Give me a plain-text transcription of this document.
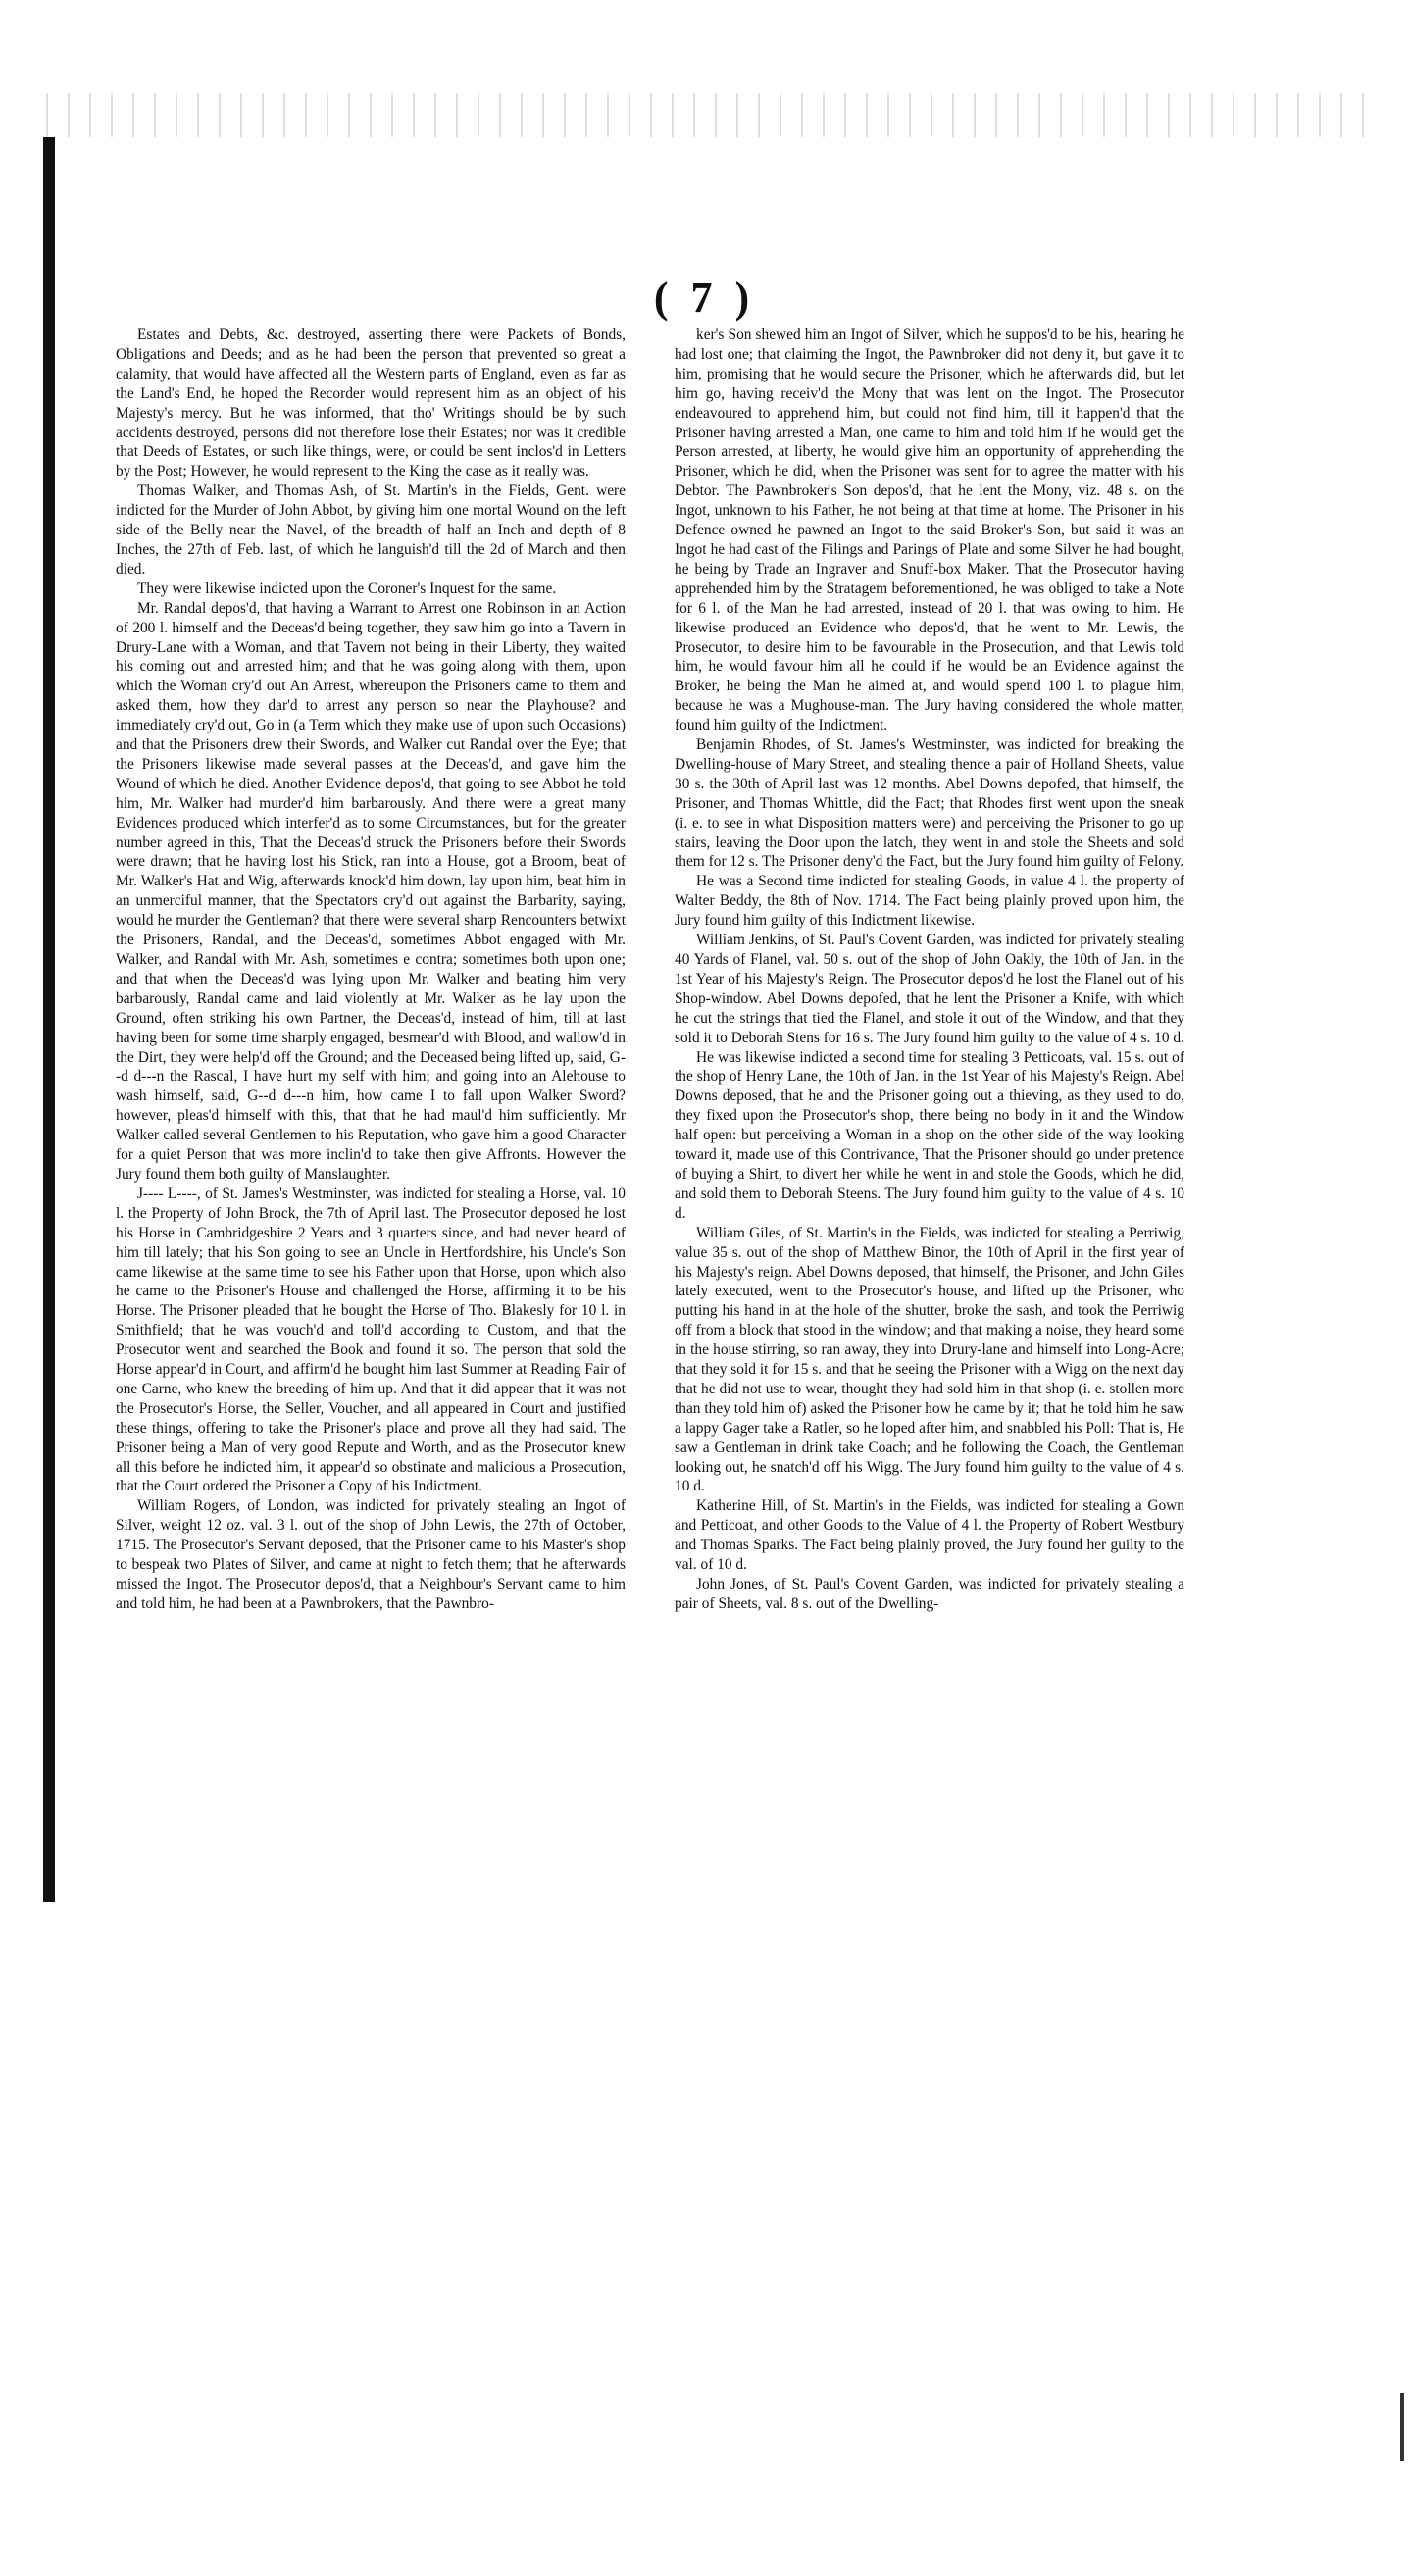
( 7 )

Estates and Debts, &c. destroyed, asserting there were Packets of Bonds, Obligations and Deeds; and as he had been the person that prevented so great a calamity, that would have affected all the Western parts of England, even as far as the Land's End, he hoped the Recorder would represent him as an object of his Majesty's mercy. But he was informed, that tho' Writings should be by such accidents destroyed, persons did not therefore lose their Estates; nor was it credible that Deeds of Estates, or such like things, were, or could be sent inclos'd in Letters by the Post; However, he would represent to the King the case as it really was.

Thomas Walker, and Thomas Ash, of St. Martin's in the Fields, Gent. were indicted for the Murder of John Abbot, by giving him one mortal Wound on the left side of the Belly near the Navel, of the breadth of half an Inch and depth of 8 Inches, the 27th of Feb. last, of which he languish'd till the 2d of March and then died.

They were likewise indicted upon the Coroner's Inquest for the same.

Mr. Randal depos'd, that having a Warrant to Arrest one Robinson in an Action of 200 l. himself and the Deceas'd being together, they saw him go into a Tavern in Drury-Lane with a Woman, and that Tavern not being in their Liberty, they waited his coming out and arrested him; and that he was going along with them, upon which the Woman cry'd out An Arrest, whereupon the Prisoners came to them and asked them, how they dar'd to arrest any person so near the Playhouse? and immediately cry'd out, Go in (a Term which they make use of upon such Occasions) and that the Prisoners drew their Swords, and Walker cut Randal over the Eye; that the Prisoners likewise made several passes at the Deceas'd, and gave him the Wound of which he died. Another Evidence depos'd, that going to see Abbot he told him, Mr. Walker had murder'd him barbarously. And there were a great many Evidences produced which interfer'd as to some Circumstances, but for the greater number agreed in this, That the Deceas'd struck the Prisoners before their Swords were drawn; that he having lost his Stick, ran into a House, got a Broom, beat of Mr. Walker's Hat and Wig, afterwards knock'd him down, lay upon him, beat him in an unmerciful manner, that the Spectators cry'd out against the Barbarity, saying, would he murder the Gentleman? that there were several sharp Rencounters betwixt the Prisoners, Randal, and the Deceas'd, sometimes Abbot engaged with Mr. Walker, and Randal with Mr. Ash, sometimes e contra; sometimes both upon one; and that when the Deceas'd was lying upon Mr. Walker and beating him very barbarously, Randal came and laid violently at Mr. Walker as he lay upon the Ground, often striking his own Partner, the Deceas'd, instead of him, till at last having been for some time sharply engaged, besmear'd with Blood, and wallow'd in the Dirt, they were help'd off the Ground; and the Deceased being lifted up, said, G--d d---n the Rascal, I have hurt my self with him; and going into an Alehouse to wash himself, said, G--d d---n him, how came I to fall upon Walker Sword? however, pleas'd himself with this, that that he had maul'd him sufficiently. Mr Walker called several Gentlemen to his Reputation, who gave him a good Character for a quiet Person that was more inclin'd to take then give Affronts. However the Jury found them both guilty of Manslaughter.

J---- L----, of St. James's Westminster, was indicted for stealing a Horse, val. 10 l. the Property of John Brock, the 7th of April last. The Prosecutor deposed he lost his Horse in Cambridgeshire 2 Years and 3 quarters since, and had never heard of him till lately; that his Son going to see an Uncle in Hertfordshire, his Uncle's Son came likewise at the same time to see his Father upon that Horse, upon which also he came to the Prisoner's House and challenged the Horse, affirming it to be his Horse. The Prisoner pleaded that he bought the Horse of Tho. Blakesly for 10 l. in Smithfield; that he was vouch'd and toll'd according to Custom, and that the Prosecutor went and searched the Book and found it so. The person that sold the Horse appear'd in Court, and affirm'd he bought him last Summer at Reading Fair of one Carne, who knew the breeding of him up. And that it did appear that it was not the Prosecutor's Horse, the Seller, Voucher, and all appeared in Court and justified these things, offering to take the Prisoner's place and prove all they had said. The Prisoner being a Man of very good Repute and Worth, and as the Prosecutor knew all this before he indicted him, it appear'd so obstinate and malicious a Prosecution, that the Court ordered the Prisoner a Copy of his Indictment.

William Rogers, of London, was indicted for privately stealing an Ingot of Silver, weight 12 oz. val. 3 l. out of the shop of John Lewis, the 27th of October, 1715. The Prosecutor's Servant deposed, that the Prisoner came to his Master's shop to bespeak two Plates of Silver, and came at night to fetch them; that he afterwards missed the Ingot. The Prosecutor depos'd, that a Neighbour's Servant came to him and told him, he had been at a Pawnbrokers, that the Pawnbro-

ker's Son shewed him an Ingot of Silver, which he suppos'd to be his, hearing he had lost one; that claiming the Ingot, the Pawnbroker did not deny it, but gave it to him, promising that he would secure the Prisoner, which he afterwards did, but let him go, having receiv'd the Mony that was lent on the Ingot. The Prosecutor endeavoured to apprehend him, but could not find him, till it happen'd that the Prisoner having arrested a Man, one came to him and told him if he would get the Person arrested, at liberty, he would give him an opportunity of apprehending the Prisoner, which he did, when the Prisoner was sent for to agree the matter with his Debtor. The Pawnbroker's Son depos'd, that he lent the Mony, viz. 48 s. on the Ingot, unknown to his Father, he not being at that time at home. The Prisoner in his Defence owned he pawned an Ingot to the said Broker's Son, but said it was an Ingot he had cast of the Filings and Parings of Plate and some Silver he had bought, he being by Trade an Ingraver and Snuff-box Maker. That the Prosecutor having apprehended him by the Stratagem beforementioned, he was obliged to take a Note for 6 l. of the Man he had arrested, instead of 20 l. that was owing to him. He likewise produced an Evidence who depos'd, that he went to Mr. Lewis, the Prosecutor, to desire him to be favourable in the Prosecution, and that Lewis told him, he would favour him all he could if he would be an Evidence against the Broker, he being the Man he aimed at, and would spend 100 l. to plague him, because he was a Mughouse-man. The Jury having considered the whole matter, found him guilty of the Indictment.

Benjamin Rhodes, of St. James's Westminster, was indicted for breaking the Dwelling-house of Mary Street, and stealing thence a pair of Holland Sheets, value 30 s. the 30th of April last was 12 months. Abel Downs depofed, that himself, the Prisoner, and Thomas Whittle, did the Fact; that Rhodes first went upon the sneak (i. e. to see in what Disposition matters were) and perceiving the Prisoner to go up stairs, leaving the Door upon the latch, they went in and stole the Sheets and sold them for 12 s. The Prisoner deny'd the Fact, but the Jury found him guilty of Felony.

He was a Second time indicted for stealing Goods, in value 4 l. the property of Walter Beddy, the 8th of Nov. 1714. The Fact being plainly proved upon him, the Jury found him guilty of this Indictment likewise.

William Jenkins, of St. Paul's Covent Garden, was indicted for privately stealing 40 Yards of Flanel, val. 50 s. out of the shop of John Oakly, the 10th of Jan. in the 1st Year of his Majesty's Reign. The Prosecutor depos'd he lost the Flanel out of his Shop-window. Abel Downs depofed, that he lent the Prisoner a Knife, with which he cut the strings that tied the Flanel, and stole it out of the Window, and that they sold it to Deborah Stens for 16 s. The Jury found him guilty to the value of 4 s. 10 d.

He was likewise indicted a second time for stealing 3 Petticoats, val. 15 s. out of the shop of Henry Lane, the 10th of Jan. in the 1st Year of his Majesty's Reign. Abel Downs deposed, that he and the Prisoner going out a thieving, as they used to do, they fixed upon the Prosecutor's shop, there being no body in it and the Window half open: but perceiving a Woman in a shop on the other side of the way looking toward it, made use of this Contrivance, That the Prisoner should go under pretence of buying a Shirt, to divert her while he went in and stole the Goods, which he did, and sold them to Deborah Steens. The Jury found him guilty to the value of 4 s. 10 d.

William Giles, of St. Martin's in the Fields, was indicted for stealing a Perriwig, value 35 s. out of the shop of Matthew Binor, the 10th of April in the first year of his Majesty's reign. Abel Downs deposed, that himself, the Prisoner, and John Giles lately executed, went to the Prosecutor's house, and lifted up the Prisoner, who putting his hand in at the hole of the shutter, broke the sash, and took the Perriwig off from a block that stood in the window; and that making a noise, they heard some in the house stirring, so ran away, they into Drury-lane and himself into Long-Acre; that they sold it for 15 s. and that he seeing the Prisoner with a Wigg on the next day that he did not use to wear, thought they had sold him in that shop (i. e. stollen more than they told him of) asked the Prisoner how he came by it; that he told him he saw a lappy Gager take a Ratler, so he loped after him, and snabbled his Poll: That is, He saw a Gentleman in drink take Coach; and he following the Coach, the Gentleman looking out, he snatch'd off his Wigg. The Jury found him guilty to the value of 4 s. 10 d.

Katherine Hill, of St. Martin's in the Fields, was indicted for stealing a Gown and Petticoat, and other Goods to the Value of 4 l. the Property of Robert Westbury and Thomas Sparks. The Fact being plainly proved, the Jury found her guilty to the val. of 10 d.

John Jones, of St. Paul's Covent Garden, was indicted for privately stealing a pair of Sheets, val. 8 s. out of the Dwelling-
